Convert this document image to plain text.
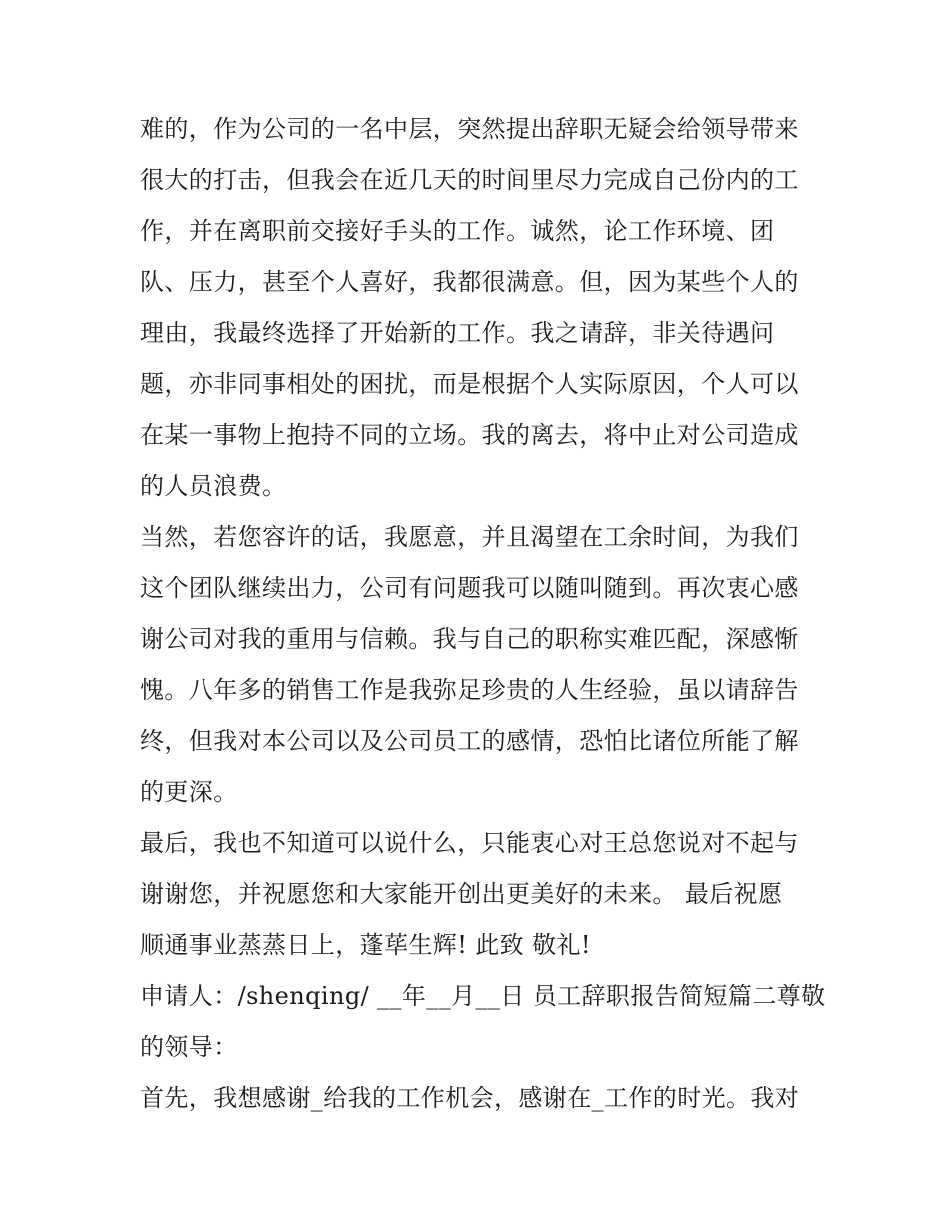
难的，作为公司的一名中层，突然提出辞职无疑会给领导带来
很大的打击，但我会在近几天的时间里尽力完成自己份内的工
作，并在离职前交接好手头的工作。诚然，论工作环境、团
队、压力，甚至个人喜好，我都很满意。但，因为某些个人的
理由，我最终选择了开始新的工作。我之请辞，非关待遇问
题，亦非同事相处的困扰，而是根据个人实际原因，个人可以
在某一事物上抱持不同的立场。我的离去，将中止对公司造成
的人员浪费。

当然，若您容许的话，我愿意，并且渴望在工余时间，为我们
这个团队继续出力，公司有问题我可以随叫随到。再次衷心感
谢公司对我的重用与信赖。我与自己的职称实难匹配，深感惭
愧。八年多的销售工作是我弥足珍贵的人生经验，虽以请辞告
终，但我对本公司以及公司员工的感情，恐怕比诸位所能了解
的更深。

最后，我也不知道可以说什么，只能衷心对王总您说对不起与
谢谢您，并祝愿您和大家能开创出更美好的未来。 最后祝愿
顺通事业蒸蒸日上，蓬荜生辉! 此致 敬礼!

申请人：/shenqing/ __年__月__日 员工辞职报告简短篇二尊敬
的领导：

首先，我想感谢_给我的工作机会，感谢在_工作的时光。我对
